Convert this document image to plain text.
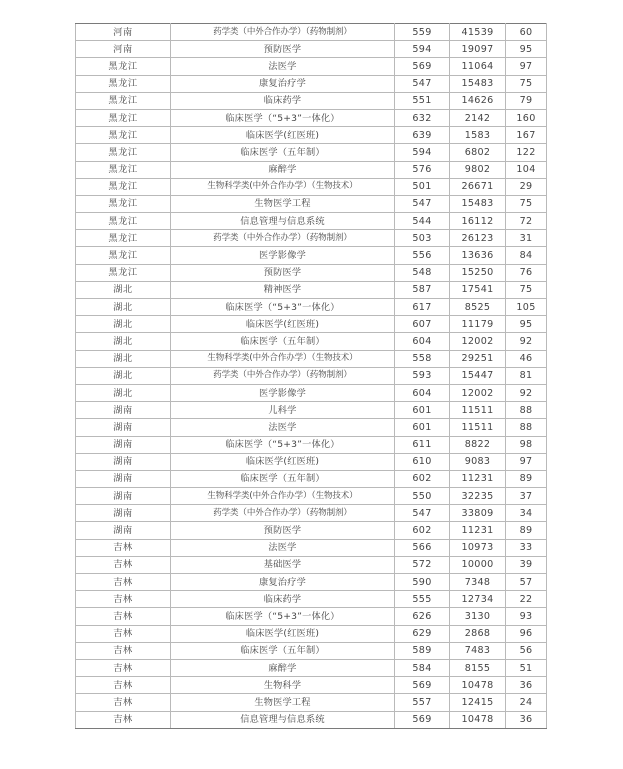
河南	药学类（中外合作办学）（药物制剂）	559	41539	60
河南	预防医学	594	19097	95
黑龙江	法医学	569	11064	97
黑龙江	康复治疗学	547	15483	75
黑龙江	临床药学	551	14626	79
黑龙江	临床医学（“5+3”一体化）	632	2142	160
黑龙江	临床医学(红医班)	639	1583	167
黑龙江	临床医学（五年制）	594	6802	122
黑龙江	麻醉学	576	9802	104
黑龙江	生物科学类(中外合作办学）（生物技术）	501	26671	29
黑龙江	生物医学工程	547	15483	75
黑龙江	信息管理与信息系统	544	16112	72
黑龙江	药学类（中外合作办学）（药物制剂）	503	26123	31
黑龙江	医学影像学	556	13636	84
黑龙江	预防医学	548	15250	76
湖北	精神医学	587	17541	75
湖北	临床医学（“5+3”一体化）	617	8525	105
湖北	临床医学(红医班)	607	11179	95
湖北	临床医学（五年制）	604	12002	92
湖北	生物科学类(中外合作办学）（生物技术）	558	29251	46
湖北	药学类（中外合作办学）（药物制剂）	593	15447	81
湖北	医学影像学	604	12002	92
湖南	儿科学	601	11511	88
湖南	法医学	601	11511	88
湖南	临床医学（“5+3”一体化）	611	8822	98
湖南	临床医学(红医班)	610	9083	97
湖南	临床医学（五年制）	602	11231	89
湖南	生物科学类(中外合作办学）（生物技术）	550	32235	37
湖南	药学类（中外合作办学）（药物制剂）	547	33809	34
湖南	预防医学	602	11231	89
吉林	法医学	566	10973	33
吉林	基础医学	572	10000	39
吉林	康复治疗学	590	7348	57
吉林	临床药学	555	12734	22
吉林	临床医学（“5+3”一体化）	626	3130	93
吉林	临床医学(红医班)	629	2868	96
吉林	临床医学（五年制）	589	7483	56
吉林	麻醉学	584	8155	51
吉林	生物科学	569	10478	36
吉林	生物医学工程	557	12415	24
吉林	信息管理与信息系统	569	10478	36
